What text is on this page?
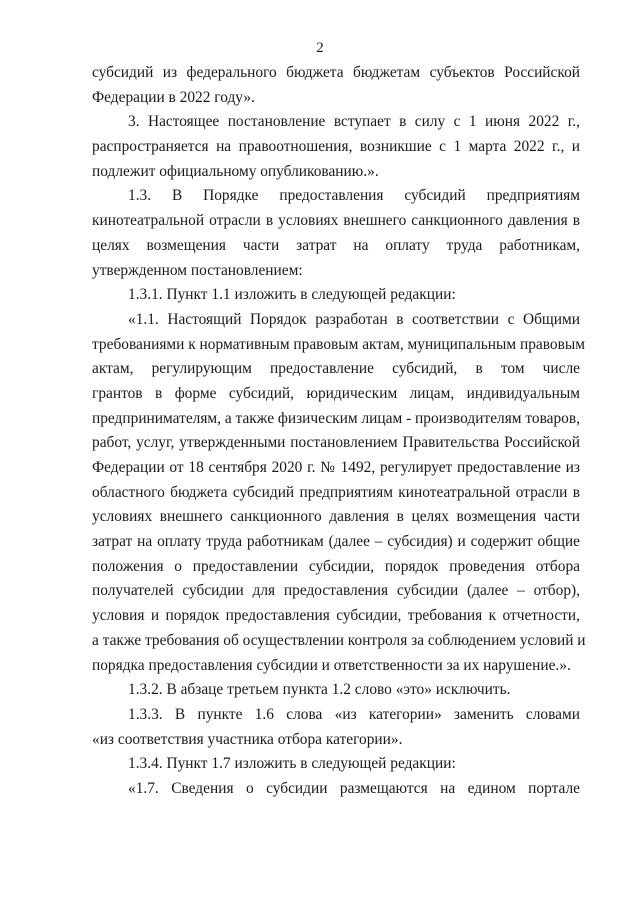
2
субсидий из федерального бюджета бюджетам субъектов Российской
Федерации в 2022 году».
3. Настоящее постановление вступает в силу с 1 июня 2022 г.,
распространяется на правоотношения, возникшие с 1 марта 2022 г., и
подлежит официальному опубликованию.».
1.3. В Порядке предоставления субсидий предприятиям
кинотеатральной отрасли в условиях внешнего санкционного давления в
целях возмещения части затрат на оплату труда работникам,
утвержденном постановлением:
1.3.1. Пункт 1.1 изложить в следующей редакции:
«1.1. Настоящий Порядок разработан в соответствии с Общими
требованиями к нормативным правовым актам, муниципальным правовым
актам, регулирующим предоставление субсидий, в том числе
грантов в форме субсидий, юридическим лицам, индивидуальным
предпринимателям, а также физическим лицам - производителям товаров,
работ, услуг, утвержденными постановлением Правительства Российской
Федерации от 18 сентября 2020 г. № 1492, регулирует предоставление из
областного бюджета субсидий предприятиям кинотеатральной отрасли в
условиях внешнего санкционного давления в целях возмещения части
затрат на оплату труда работникам (далее – субсидия) и содержит общие
положения о предоставлении субсидии, порядок проведения отбора
получателей субсидии для предоставления субсидии (далее – отбор),
условия и порядок предоставления субсидии, требования к отчетности,
а также требования об осуществлении контроля за соблюдением условий и
порядка предоставления субсидии и ответственности за их нарушение.».
1.3.2. В абзаце третьем пункта 1.2 слово «это» исключить.
1.3.3. В пункте 1.6 слова «из категории» заменить словами
«из соответствия участника отбора категории».
1.3.4. Пункт 1.7 изложить в следующей редакции:
«1.7. Сведения о субсидии размещаются на едином портале
